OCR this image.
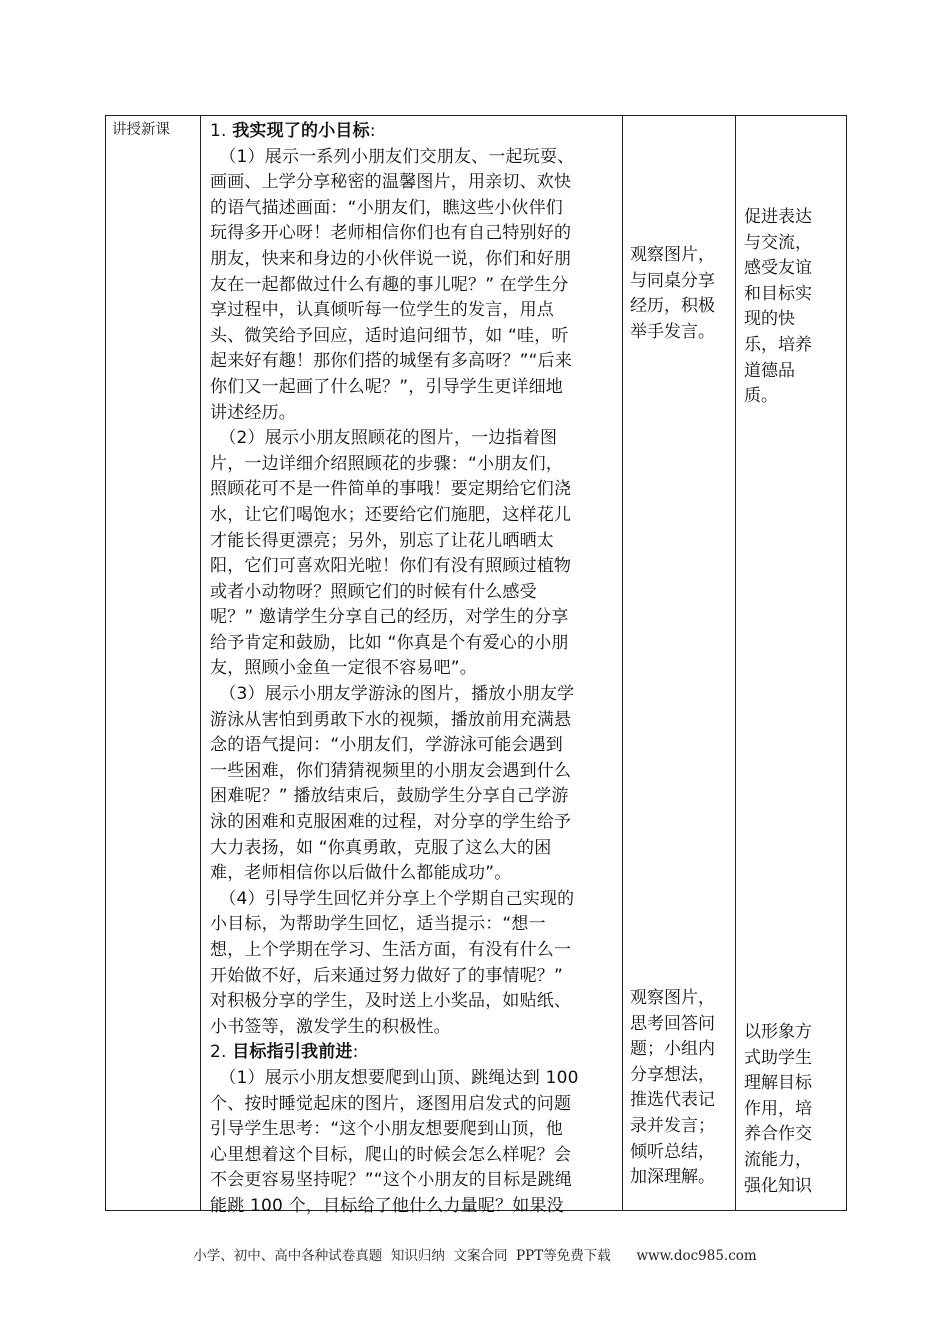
讲授新课	1. 我实现了的小目标:

（1）展示一系列小朋友们交朋友、一起玩耍、
画画、上学分享秘密的温馨图片，用亲切、欢快
的语气描述画面：“小朋友们，瞧这些小伙伴们
玩得多开心呀！老师相信你们也有自己特别好的
朋友，快来和身边的小伙伴说一说，你们和好朋
友在一起都做过什么有趣的事儿呢？” 在学生分
享过程中，认真倾听每一位学生的发言，用点
头、微笑给予回应，适时追问细节，如 “哇，听
起来好有趣！那你们搭的城堡有多高呀？”“后来
你们又一起画了什么呢？”，引导学生更详细地
讲述经历。
（2）展示小朋友照顾花的图片，一边指着图
片，一边详细介绍照顾花的步骤：“小朋友们，
照顾花可不是一件简单的事哦！要定期给它们浇
水，让它们喝饱水；还要给它们施肥，这样花儿
才能长得更漂亮；另外，别忘了让花儿晒晒太
阳，它们可喜欢阳光啦！你们有没有照顾过植物
或者小动物呀？照顾它们的时候有什么感受
呢？” 邀请学生分享自己的经历，对学生的分享
给予肯定和鼓励，比如 “你真是个有爱心的小朋
友，照顾小金鱼一定很不容易吧”。
（3）展示小朋友学游泳的图片，播放小朋友学
游泳从害怕到勇敢下水的视频，播放前用充满悬
念的语气提问：“小朋友们，学游泳可能会遇到
一些困难，你们猜猜视频里的小朋友会遇到什么
困难呢？” 播放结束后，鼓励学生分享自己学游
泳的困难和克服困难的过程，对分享的学生给予
大力表扬，如 “你真勇敢，克服了这么大的困
难，老师相信你以后做什么都能成功”。
（4）引导学生回忆并分享上个学期自己实现的
小目标，为帮助学生回忆，适当提示：“想一
想，上个学期在学习、生活方面，有没有什么一
开始做不好，后来通过努力做好了的事情呢？”
对积极分享的学生，及时送上小奖品，如贴纸、
小书签等，激发学生的积极性。

2. 目标指引我前进:

（1）展示小朋友想要爬到山顶、跳绳达到 100
个、按时睡觉起床的图片，逐图用启发式的问题
引导学生思考：“这个小朋友想要爬到山顶，他
心里想着这个目标，爬山的时候会怎么样呢？会
不会更容易坚持呢？”“这个小朋友的目标是跳绳
能跳 100 个，目标给了他什么力量呢？如果没
观察图片，
与同桌分享
经历，积极
举手发言。
促进表达
与交流，
感受友谊
和目标实
现的快
乐，培养
道德品
质。
观察图片，
思考回答问
题；小组内
分享想法，
推选代表记
录并发言；
倾听总结，
加深理解。
以形象方
式助学生
理解目标
作用，培
养合作交
流能力，
强化知识
小学、初中、高中各种试卷真题  知识归纳  文案合同  PPT等免费下载      www.doc985.com
